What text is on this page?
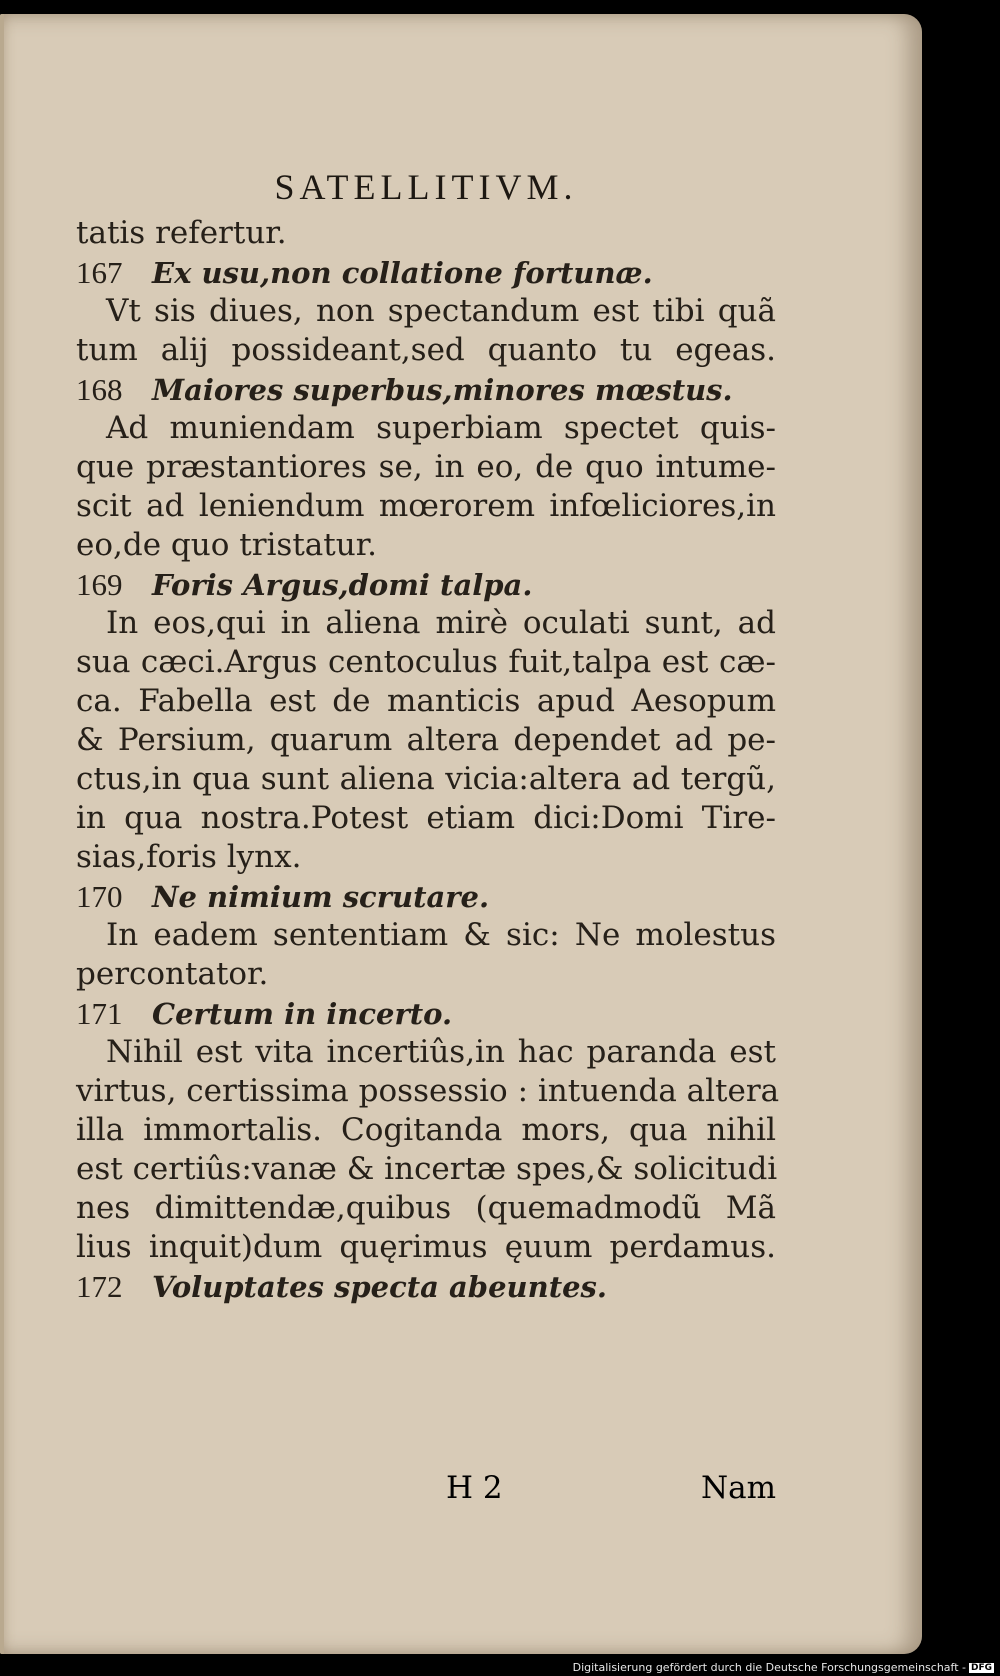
SATELLITIVM.
tatis refertur.
167	Ex usu,non collatione fortunæ.
Vt sis diues, non spectandum est tibi quã
tum alij possideant,sed quanto tu egeas.
168	Maiores superbus,minores mœstus.
Ad muniendam superbiam spectet quis-
que præstantiores se, in eo, de quo intume-
scit ad leniendum mœrorem infœliciores,in
eo,de quo tristatur.
169	Foris Argus,domi talpa.
In eos,qui in aliena mirè oculati sunt, ad
sua cæci.Argus centoculus fuit,talpa est cæ-
ca. Fabella est de manticis apud Aesopum
& Persium, quarum altera dependet ad pe-
ctus,in qua sunt aliena vicia:altera ad tergũ,
in qua nostra.Potest etiam dici:Domi Tire-
sias,foris lynx.
170	Ne nimium scrutare.
In eadem sententiam & sic: Ne molestus
percontator.
171	Certum in incerto.
Nihil est vita incertiûs,in hac paranda est
virtus, certissima possessio : intuenda altera
illa immortalis. Cogitanda mors, qua nihil
est certiûs:vanæ & incertæ spes,& solicitudi
nes dimittendæ,quibus (quemadmodũ Mã
lius inquit)dum quęrimus ęuum perdamus.
172	Voluptates specta abeuntes.
H 2	Nam
Digitalisierung gefördert durch die Deutsche Forschungsgemeinschaft - DFG
